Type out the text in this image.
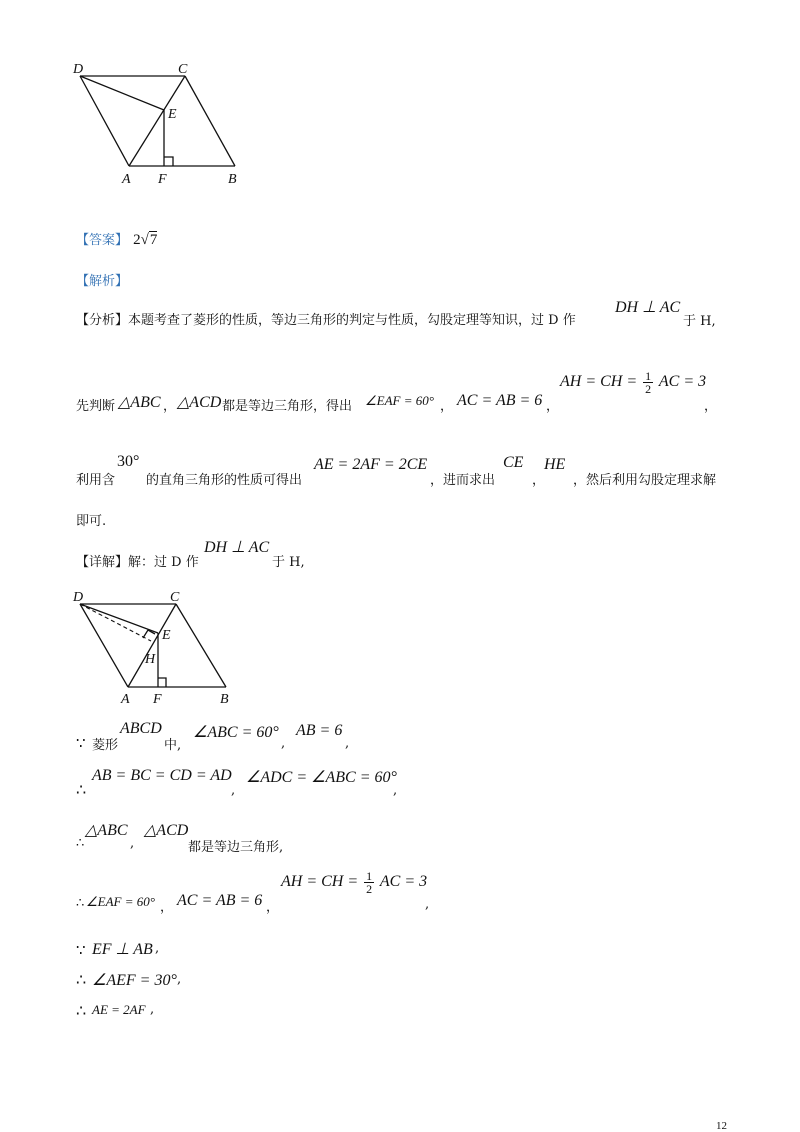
D	C
E
A F	B
【答案】 2√7
【解析】
【分析】本题考查了菱形的性质，等边三角形的判定与性质，勾股定理等知识，过 D 作
DH ⊥ AC
于 H,
先判断 △ABC ， △ACD 都是等边三角形，得出 ∠EAF = 60° ， AC = AB = 6 ，
AH = CH = $\frac{1}{2}$ AC = 3
，
利用含
30°
的直角三角形的性质可得出
AE = 2AF = 2CE
，进而求出
CE
，
HE
，然后利用勾股定理求解
即可.
【详解】解：过 D 作
DH ⊥ AC
于 H,
D	C
E
H
A F	B
∵ 菱形
ABCD
中,
∠ABC = 60°
,
AB = 6
,
∴
AB = BC = CD = AD
,
∠ADC = ∠ABC = 60°
,
∴
△ABC
,
△ACD
都是等边三角形,
∴ ∠EAF = 60° ， AC = AB = 6 ，
AH = CH = $\frac{1}{2}$ AC = 3
,
∵ EF ⊥ AB ,
∴ ∠AEF = 30° ,
∴ AE = 2AF ,
12
